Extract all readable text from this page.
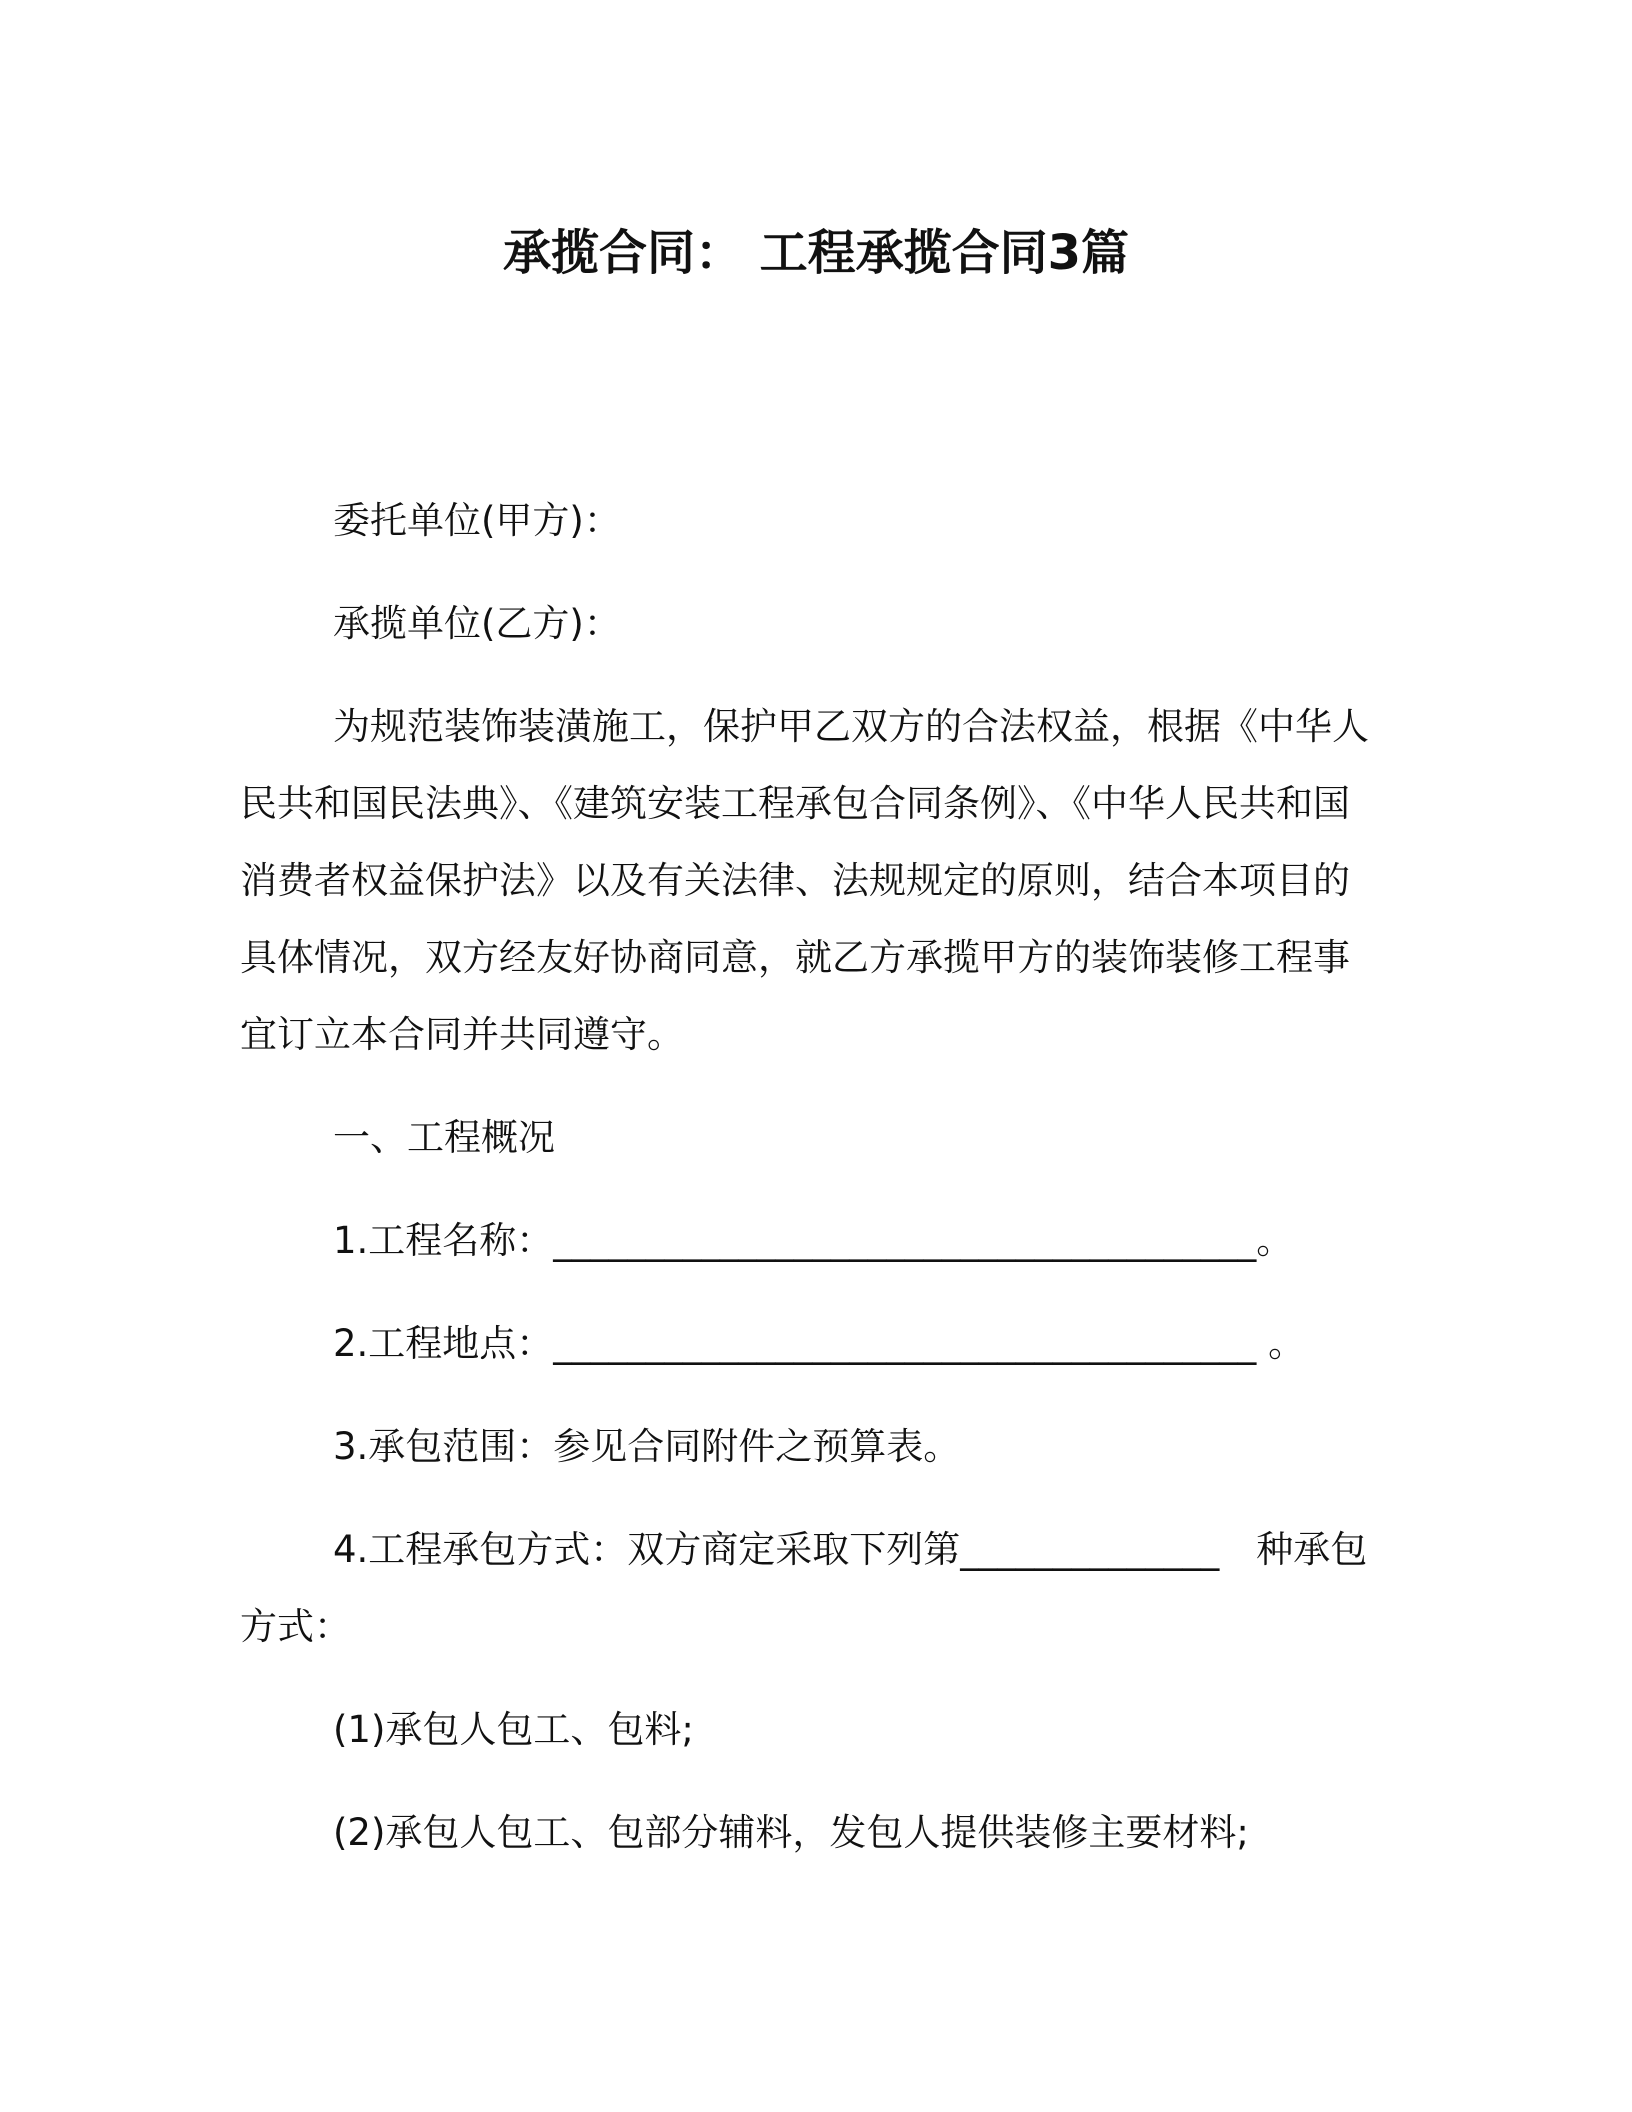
承揽合同： 工程承揽合同3篇

委托单位(甲方)：

承揽单位(乙方)：

为规范装饰装潢施工，保护甲乙双方的合法权益，根据《中华人民共和国民法典》、《建筑安装工程承包合同条例》、《中华人民共和国消费者权益保护法》以及有关法律、法规规定的原则，结合本项目的具体情况，双方经友好协商同意，就乙方承揽甲方的装饰装修工程事宜订立本合同并共同遵守。

一、工程概况

1.工程名称：______________________________________。

2.工程地点：______________________________________ 。

3.承包范围：参见合同附件之预算表。

4.工程承包方式：双方商定采取下列第______________　种承包方式：

(1)承包人包工、包料;

(2)承包人包工、包部分辅料，发包人提供装修主要材料;
